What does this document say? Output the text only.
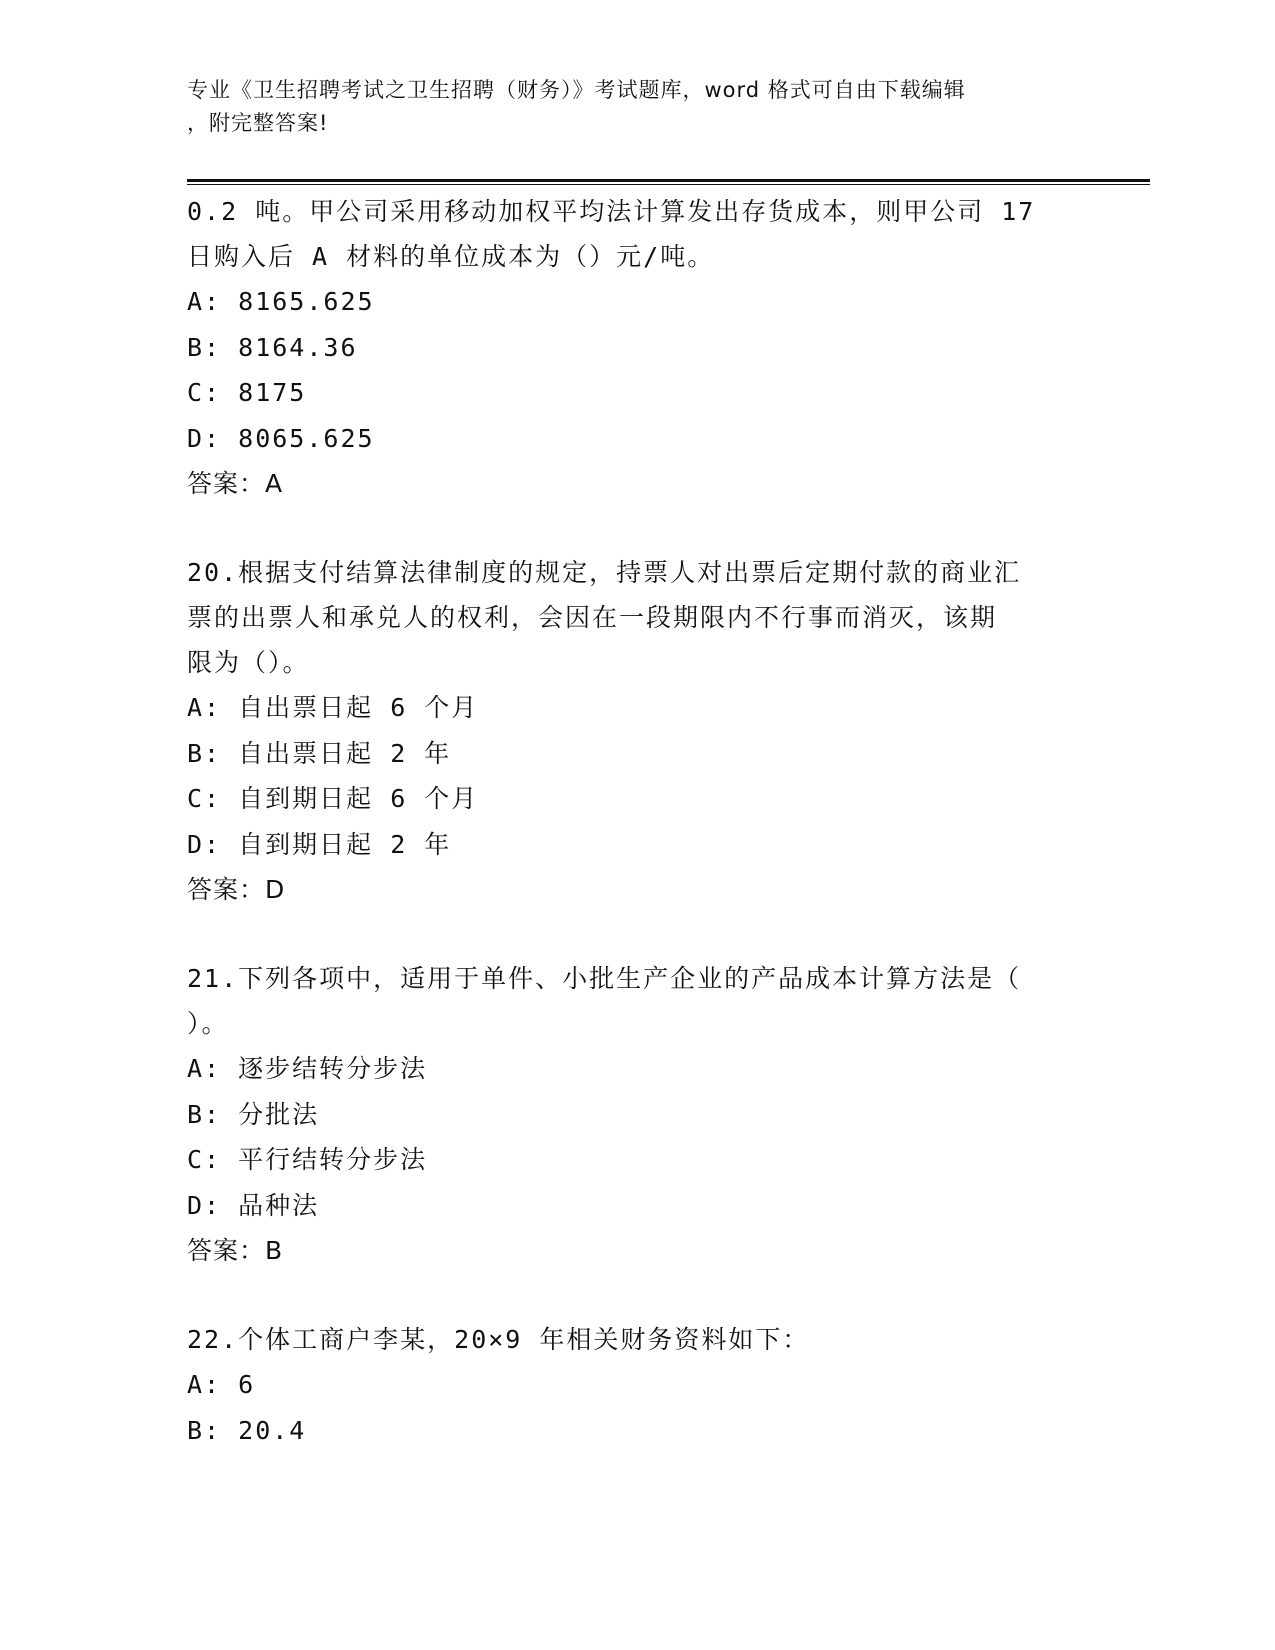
专业《卫生招聘考试之卫生招聘（财务）》考试题库，word 格式可自由下载编辑
，附完整答案!
0.2 吨。甲公司采用移动加权平均法计算发出存货成本，则甲公司 17
日购入后 A 材料的单位成本为（）元/吨。
A: 8165.625
B: 8164.36
C: 8175
D: 8065.625
答案：A
20.根据支付结算法律制度的规定，持票人对出票后定期付款的商业汇
票的出票人和承兑人的权利，会因在一段期限内不行事而消灭，该期
限为（）。
A: 自出票日起 6 个月
B: 自出票日起 2 年
C: 自到期日起 6 个月
D: 自到期日起 2 年
答案：D
21.下列各项中，适用于单件、小批生产企业的产品成本计算方法是（
）。
A: 逐步结转分步法
B: 分批法
C: 平行结转分步法
D: 品种法
答案：B
22.个体工商户李某，20×9 年相关财务资料如下：
A: 6
B: 20.4
